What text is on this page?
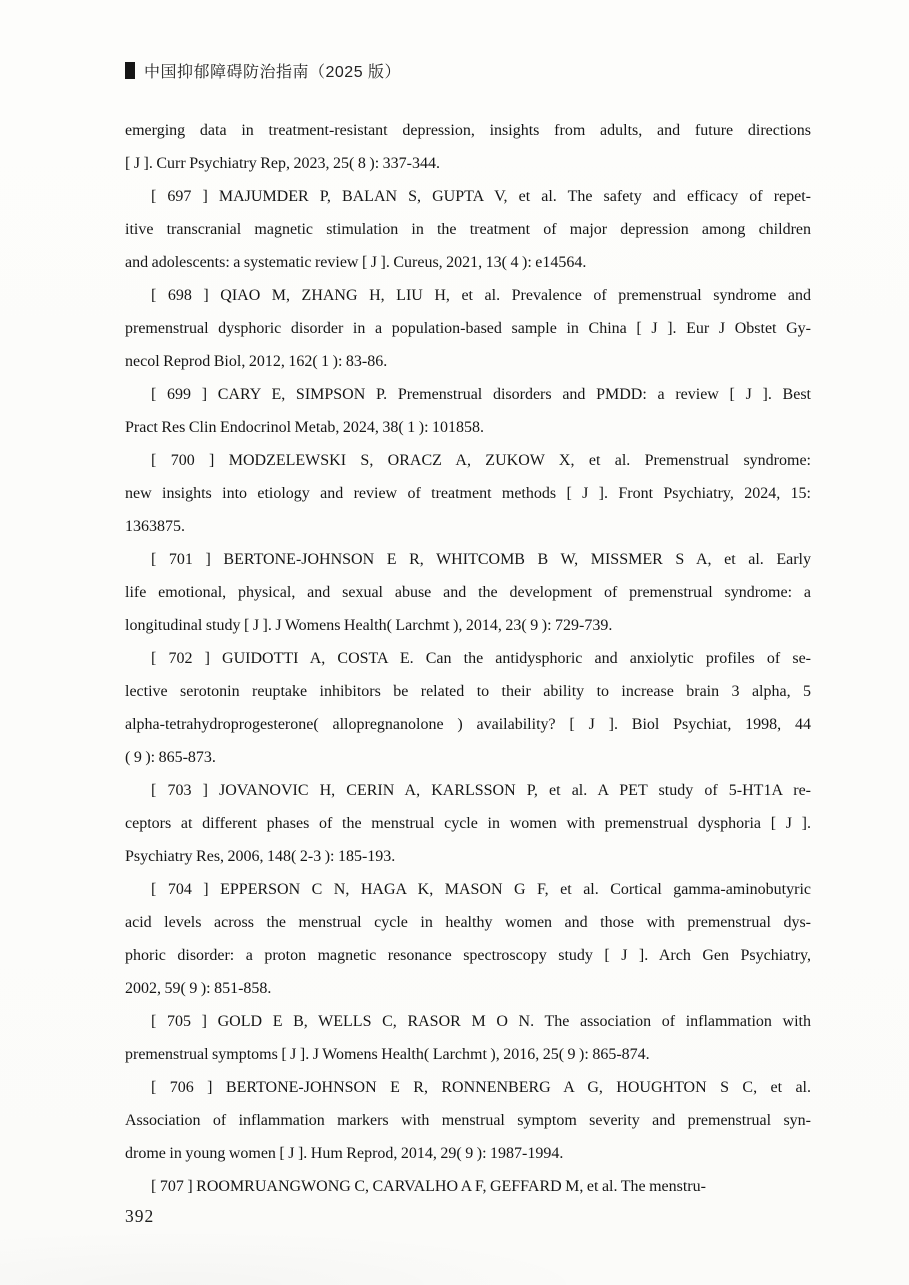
中国抑郁障碍防治指南（2025 版）

emerging data in treatment-resistant depression, insights from adults, and future directions
[ J ]. Curr Psychiatry Rep, 2023, 25( 8 ): 337-344.

[ 697 ] MAJUMDER P, BALAN S, GUPTA V, et al. The safety and efficacy of repet-
itive transcranial magnetic stimulation in the treatment of major depression among children
and adolescents: a systematic review [ J ]. Cureus, 2021, 13( 4 ): e14564.

[ 698 ] QIAO M, ZHANG H, LIU H, et al. Prevalence of premenstrual syndrome and
premenstrual dysphoric disorder in a population-based sample in China [ J ]. Eur J Obstet Gy-
necol Reprod Biol, 2012, 162( 1 ): 83-86.

[ 699 ] CARY E, SIMPSON P. Premenstrual disorders and PMDD: a review [ J ]. Best
Pract Res Clin Endocrinol Metab, 2024, 38( 1 ): 101858.

[ 700 ] MODZELEWSKI S, ORACZ A, ZUKOW X, et al. Premenstrual syndrome:
new insights into etiology and review of treatment methods [ J ]. Front Psychiatry, 2024, 15:
1363875.

[ 701 ] BERTONE-JOHNSON E R, WHITCOMB B W, MISSMER S A, et al. Early
life emotional, physical, and sexual abuse and the development of premenstrual syndrome: a
longitudinal study [ J ]. J Womens Health( Larchmt ), 2014, 23( 9 ): 729-739.

[ 702 ] GUIDOTTI A, COSTA E. Can the antidysphoric and anxiolytic profiles of se-
lective serotonin reuptake inhibitors be related to their ability to increase brain 3 alpha, 5
alpha-tetrahydroprogesterone( allopregnanolone ) availability? [ J ]. Biol Psychiat, 1998, 44
( 9 ): 865-873.

[ 703 ] JOVANOVIC H, CERIN A, KARLSSON P, et al. A PET study of 5-HT1A re-
ceptors at different phases of the menstrual cycle in women with premenstrual dysphoria [ J ].
Psychiatry Res, 2006, 148( 2-3 ): 185-193.

[ 704 ] EPPERSON C N, HAGA K, MASON G F, et al. Cortical gamma-aminobutyric
acid levels across the menstrual cycle in healthy women and those with premenstrual dys-
phoric disorder: a proton magnetic resonance spectroscopy study [ J ]. Arch Gen Psychiatry,
2002, 59( 9 ): 851-858.

[ 705 ] GOLD E B, WELLS C, RASOR M O N. The association of inflammation with
premenstrual symptoms [ J ]. J Womens Health( Larchmt ), 2016, 25( 9 ): 865-874.

[ 706 ] BERTONE-JOHNSON E R, RONNENBERG A G, HOUGHTON S C, et al.
Association of inflammation markers with menstrual symptom severity and premenstrual syn-
drome in young women [ J ]. Hum Reprod, 2014, 29( 9 ): 1987-1994.

[ 707 ] ROOMRUANGWONG C, CARVALHO A F, GEFFARD M, et al. The menstru-

392
